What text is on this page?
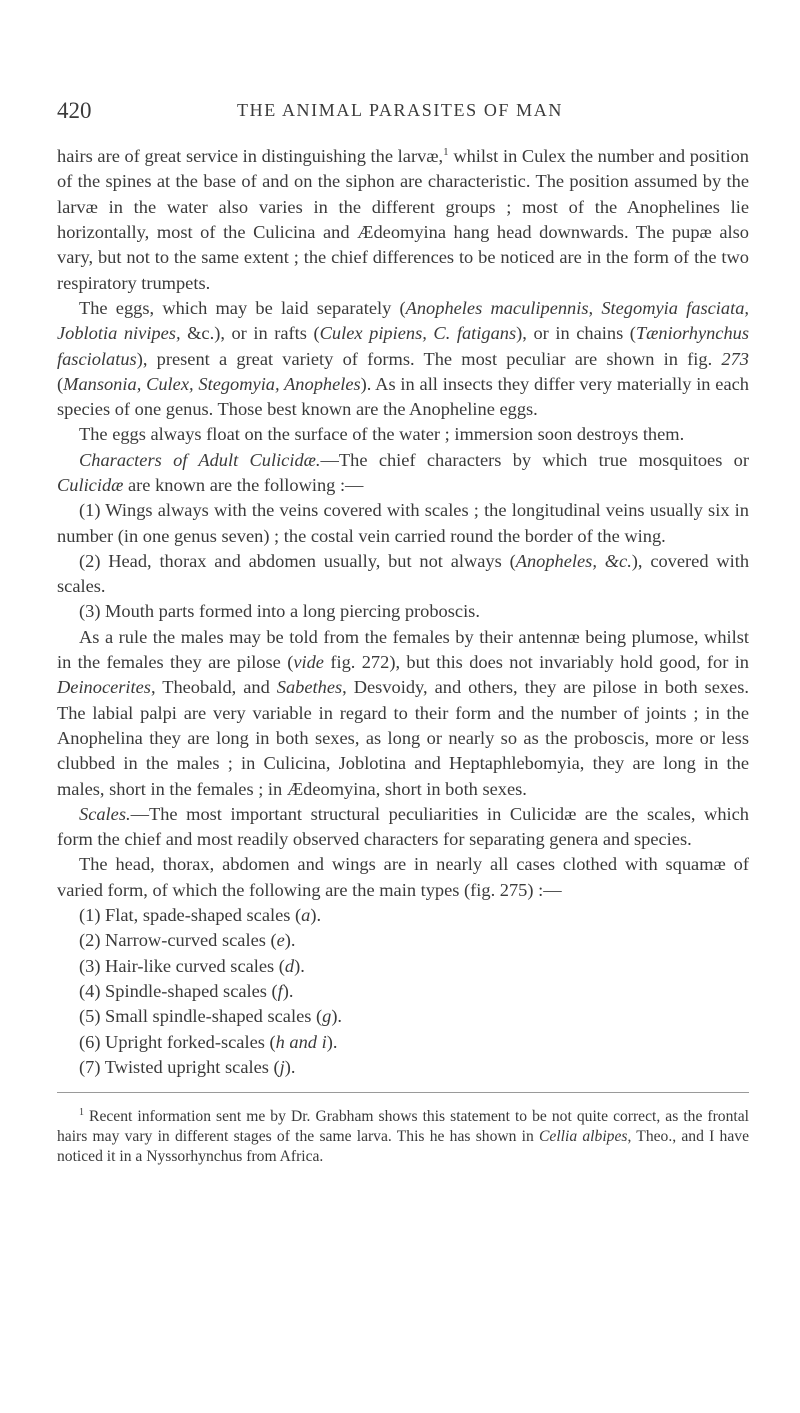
420	THE ANIMAL PARASITES OF MAN

hairs are of great service in distinguishing the larvæ,$^1$ whilst in Culex the number and position of the spines at the base of and on the siphon are characteristic. The position assumed by the larvæ in the water also varies in the different groups ; most of the Anophelines lie horizontally, most of the Culicina and Ædeomyina hang head downwards. The pupæ also vary, but not to the same extent ; the chief differences to be noticed are in the form of the two respiratory trumpets.

The eggs, which may be laid separately (Anopheles maculipennis, Stegomyia fasciata, Joblotia nivipes, &c.), or in rafts (Culex pipiens, C. fatigans), or in chains (Tæniorhynchus fasciolatus), present a great variety of forms. The most peculiar are shown in fig. 273 (Mansonia, Culex, Stegomyia, Anopheles). As in all insects they differ very materially in each species of one genus. Those best known are the Anopheline eggs.

The eggs always float on the surface of the water ; immersion soon destroys them.

Characters of Adult Culicidæ.—The chief characters by which true mosquitoes or Culicidæ are known are the following :—

(1) Wings always with the veins covered with scales ; the longitudinal veins usually six in number (in one genus seven) ; the costal vein carried round the border of the wing.

(2) Head, thorax and abdomen usually, but not always (Anopheles, &c.), covered with scales.

(3) Mouth parts formed into a long piercing proboscis.

As a rule the males may be told from the females by their antennæ being plumose, whilst in the females they are pilose (vide fig. 272), but this does not invariably hold good, for in Deinocerites, Theobald, and Sabethes, Desvoidy, and others, they are pilose in both sexes. The labial palpi are very variable in regard to their form and the number of joints ; in the Anophelina they are long in both sexes, as long or nearly so as the proboscis, more or less clubbed in the males ; in Culicina, Joblotina and Heptaphlebomyia, they are long in the males, short in the females ; in Ædeomyina, short in both sexes.

Scales.—The most important structural peculiarities in Culicidæ are the scales, which form the chief and most readily observed characters for separating genera and species.

The head, thorax, abdomen and wings are in nearly all cases clothed with squamæ of varied form, of which the following are the main types (fig. 275) :—

(1) Flat, spade-shaped scales (a).

(2) Narrow-curved scales (e).

(3) Hair-like curved scales (d).

(4) Spindle-shaped scales (f).

(5) Small spindle-shaped scales (g).

(6) Upright forked-scales (h and i).

(7) Twisted upright scales (j).

$^1$ Recent information sent me by Dr. Grabham shows this statement to be not quite correct, as the frontal hairs may vary in different stages of the same larva. This he has shown in Cellia albipes, Theo., and I have noticed it in a Nyssorhynchus from Africa.
